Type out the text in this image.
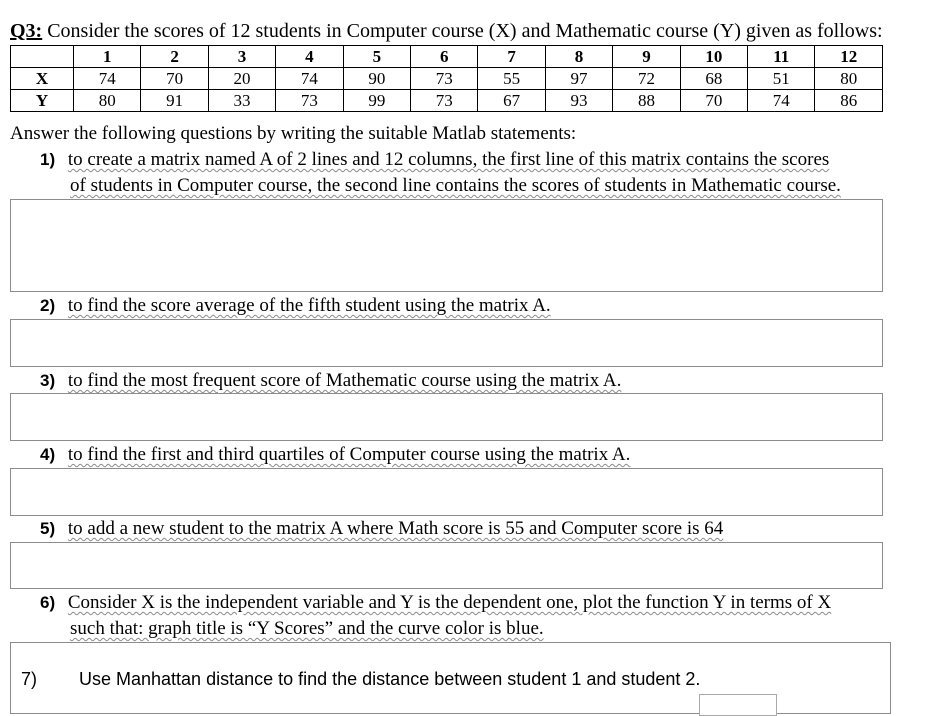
Q3: Consider the scores of 12 students in Computer course (X) and Mathematic course (Y) given as follows:
	1	2	3	4	5	6	7	8	9	10	11	12
X	74	70	20	74	90	73	55	97	72	68	51	80
Y	80	91	33	73	99	73	67	93	88	70	74	86
Answer the following questions by writing the suitable Matlab statements:
1) to create a matrix named A of 2 lines and 12 columns, the first line of this matrix contains the scores
of students in Computer course, the second line contains the scores of students in Mathematic course.
2) to find the score average of the fifth student using the matrix A.
3) to find the most frequent score of Mathematic course using the matrix A.
4) to find the first and third quartiles of Computer course using the matrix A.
5) to add a new student to the matrix A where Math score is 55 and Computer score is 64
6) Consider X is the independent variable and Y is the dependent one, plot the function Y in terms of X
such that: graph title is “Y Scores” and the curve color is blue.
7) Use Manhattan distance to find the distance between student 1 and student 2.
